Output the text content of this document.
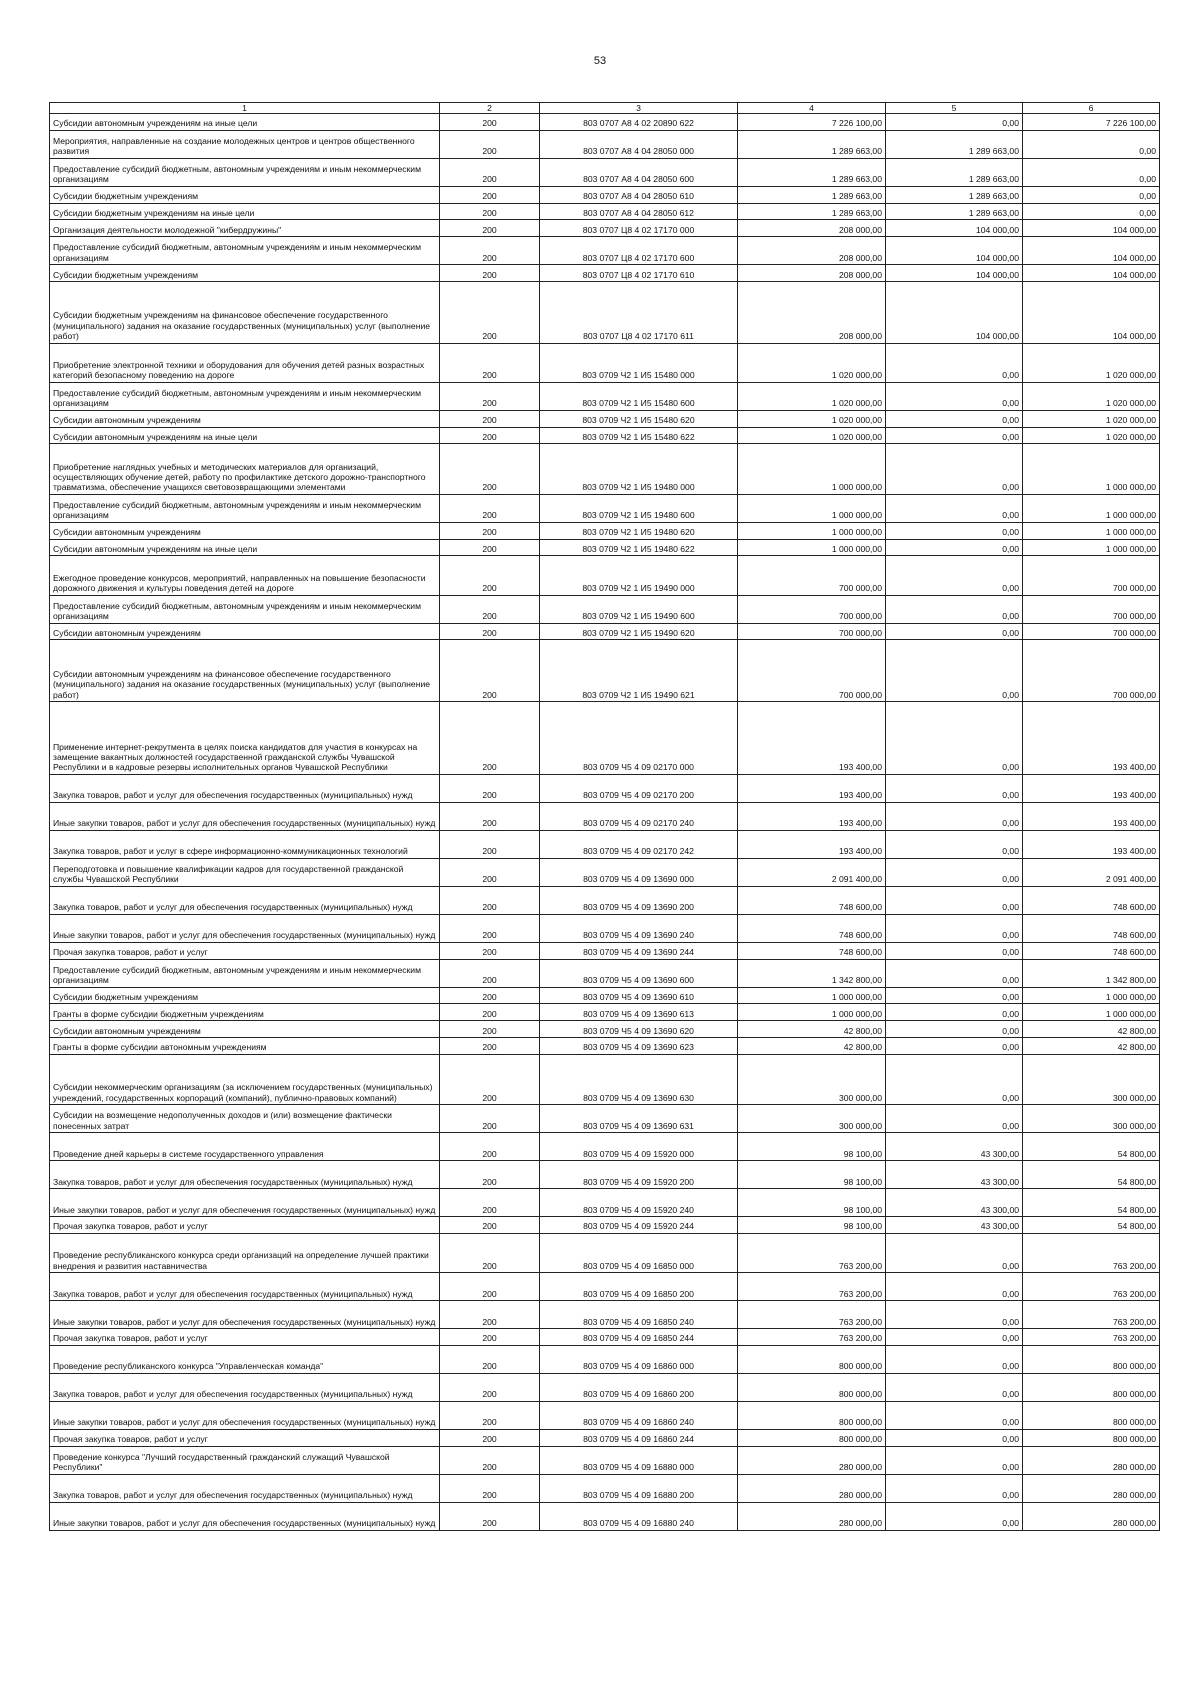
53
1	2	3	4	5	6
Субсидии автономным учреждениям на иные цели	200	803 0707 А8 4 02 20890 622	7 226 100,00	0,00	7 226 100,00
Мероприятия, направленные на создание молодежных центров и центров общественного развития	200	803 0707 А8 4 04 28050 000	1 289 663,00	1 289 663,00	0,00
Предоставление субсидий бюджетным, автономным учреждениям и иным некоммерческим организациям	200	803 0707 А8 4 04 28050 600	1 289 663,00	1 289 663,00	0,00
Субсидии бюджетным учреждениям	200	803 0707 А8 4 04 28050 610	1 289 663,00	1 289 663,00	0,00
Субсидии бюджетным учреждениям на иные цели	200	803 0707 А8 4 04 28050 612	1 289 663,00	1 289 663,00	0,00
Организация деятельности молодежной "кибердружины"	200	803 0707 Ц8 4 02 17170 000	208 000,00	104 000,00	104 000,00
Предоставление субсидий бюджетным, автономным учреждениям и иным некоммерческим организациям	200	803 0707 Ц8 4 02 17170 600	208 000,00	104 000,00	104 000,00
Субсидии бюджетным учреждениям	200	803 0707 Ц8 4 02 17170 610	208 000,00	104 000,00	104 000,00
Субсидии бюджетным учреждениям на финансовое обеспечение государственного (муниципального) задания на оказание государственных (муниципальных) услуг (выполнение работ)	200	803 0707 Ц8 4 02 17170 611	208 000,00	104 000,00	104 000,00
Приобретение электронной техники и оборудования для обучения детей разных возрастных категорий безопасному поведению на дороге	200	803 0709 Ч2 1 И5 15480 000	1 020 000,00	0,00	1 020 000,00
Предоставление субсидий бюджетным, автономным учреждениям и иным некоммерческим организациям	200	803 0709 Ч2 1 И5 15480 600	1 020 000,00	0,00	1 020 000,00
Субсидии автономным учреждениям	200	803 0709 Ч2 1 И5 15480 620	1 020 000,00	0,00	1 020 000,00
Субсидии автономным учреждениям на иные цели	200	803 0709 Ч2 1 И5 15480 622	1 020 000,00	0,00	1 020 000,00
Приобретение наглядных учебных и методических материалов для организаций, осуществляющих обучение детей, работу по профилактике детского дорожно-транспортного травматизма, обеспечение учащихся световозвращающими элементами	200	803 0709 Ч2 1 И5 19480 000	1 000 000,00	0,00	1 000 000,00
Предоставление субсидий бюджетным, автономным учреждениям и иным некоммерческим организациям	200	803 0709 Ч2 1 И5 19480 600	1 000 000,00	0,00	1 000 000,00
Субсидии автономным учреждениям	200	803 0709 Ч2 1 И5 19480 620	1 000 000,00	0,00	1 000 000,00
Субсидии автономным учреждениям на иные цели	200	803 0709 Ч2 1 И5 19480 622	1 000 000,00	0,00	1 000 000,00
Ежегодное проведение конкурсов, мероприятий, направленных на повышение безопасности дорожного движения и культуры поведения детей на дороге	200	803 0709 Ч2 1 И5 19490 000	700 000,00	0,00	700 000,00
Предоставление субсидий бюджетным, автономным учреждениям и иным некоммерческим организациям	200	803 0709 Ч2 1 И5 19490 600	700 000,00	0,00	700 000,00
Субсидии автономным учреждениям	200	803 0709 Ч2 1 И5 19490 620	700 000,00	0,00	700 000,00
Субсидии автономным учреждениям на финансовое обеспечение государственного (муниципального) задания на оказание государственных (муниципальных) услуг (выполнение работ)	200	803 0709 Ч2 1 И5 19490 621	700 000,00	0,00	700 000,00
Применение интернет-рекрутмента в целях поиска кандидатов для участия в конкурсах на замещение вакантных должностей государственной гражданской службы Чувашской Республики и в кадровые резервы исполнительных органов Чувашской Республики	200	803 0709 Ч5 4 09 02170 000	193 400,00	0,00	193 400,00
Закупка товаров, работ и услуг для обеспечения государственных (муниципальных) нужд	200	803 0709 Ч5 4 09 02170 200	193 400,00	0,00	193 400,00
Иные закупки товаров, работ и услуг для обеспечения государственных (муниципальных) нужд	200	803 0709 Ч5 4 09 02170 240	193 400,00	0,00	193 400,00
Закупка товаров, работ и услуг в сфере информационно-коммуникационных технологий	200	803 0709 Ч5 4 09 02170 242	193 400,00	0,00	193 400,00
Переподготовка и повышение квалификации кадров для государственной гражданской службы Чувашской Республики	200	803 0709 Ч5 4 09 13690 000	2 091 400,00	0,00	2 091 400,00
Закупка товаров, работ и услуг для обеспечения государственных (муниципальных) нужд	200	803 0709 Ч5 4 09 13690 200	748 600,00	0,00	748 600,00
Иные закупки товаров, работ и услуг для обеспечения государственных (муниципальных) нужд	200	803 0709 Ч5 4 09 13690 240	748 600,00	0,00	748 600,00
Прочая закупка товаров, работ и услуг	200	803 0709 Ч5 4 09 13690 244	748 600,00	0,00	748 600,00
Предоставление субсидий бюджетным, автономным учреждениям и иным некоммерческим организациям	200	803 0709 Ч5 4 09 13690 600	1 342 800,00	0,00	1 342 800,00
Субсидии бюджетным учреждениям	200	803 0709 Ч5 4 09 13690 610	1 000 000,00	0,00	1 000 000,00
Гранты в форме субсидии бюджетным учреждениям	200	803 0709 Ч5 4 09 13690 613	1 000 000,00	0,00	1 000 000,00
Субсидии автономным учреждениям	200	803 0709 Ч5 4 09 13690 620	42 800,00	0,00	42 800,00
Гранты в форме субсидии автономным учреждениям	200	803 0709 Ч5 4 09 13690 623	42 800,00	0,00	42 800,00
Субсидии некоммерческим организациям (за исключением государственных (муниципальных) учреждений, государственных корпораций (компаний), публично-правовых компаний)	200	803 0709 Ч5 4 09 13690 630	300 000,00	0,00	300 000,00
Субсидии на возмещение недополученных доходов и (или) возмещение фактически понесенных затрат	200	803 0709 Ч5 4 09 13690 631	300 000,00	0,00	300 000,00
Проведение дней карьеры в системе государственного управления	200	803 0709 Ч5 4 09 15920 000	98 100,00	43 300,00	54 800,00
Закупка товаров, работ и услуг для обеспечения государственных (муниципальных) нужд	200	803 0709 Ч5 4 09 15920 200	98 100,00	43 300,00	54 800,00
Иные закупки товаров, работ и услуг для обеспечения государственных (муниципальных) нужд	200	803 0709 Ч5 4 09 15920 240	98 100,00	43 300,00	54 800,00
Прочая закупка товаров, работ и услуг	200	803 0709 Ч5 4 09 15920 244	98 100,00	43 300,00	54 800,00
Проведение республиканского конкурса среди организаций на определение лучшей практики внедрения и развития наставничества	200	803 0709 Ч5 4 09 16850 000	763 200,00	0,00	763 200,00
Закупка товаров, работ и услуг для обеспечения государственных (муниципальных) нужд	200	803 0709 Ч5 4 09 16850 200	763 200,00	0,00	763 200,00
Иные закупки товаров, работ и услуг для обеспечения государственных (муниципальных) нужд	200	803 0709 Ч5 4 09 16850 240	763 200,00	0,00	763 200,00
Прочая закупка товаров, работ и услуг	200	803 0709 Ч5 4 09 16850 244	763 200,00	0,00	763 200,00
Проведение республиканского конкурса "Управленческая команда"	200	803 0709 Ч5 4 09 16860 000	800 000,00	0,00	800 000,00
Закупка товаров, работ и услуг для обеспечения государственных (муниципальных) нужд	200	803 0709 Ч5 4 09 16860 200	800 000,00	0,00	800 000,00
Иные закупки товаров, работ и услуг для обеспечения государственных (муниципальных) нужд	200	803 0709 Ч5 4 09 16860 240	800 000,00	0,00	800 000,00
Прочая закупка товаров, работ и услуг	200	803 0709 Ч5 4 09 16860 244	800 000,00	0,00	800 000,00
Проведение конкурса "Лучший государственный гражданский служащий Чувашской Республики"	200	803 0709 Ч5 4 09 16880 000	280 000,00	0,00	280 000,00
Закупка товаров, работ и услуг для обеспечения государственных (муниципальных) нужд	200	803 0709 Ч5 4 09 16880 200	280 000,00	0,00	280 000,00
Иные закупки товаров, работ и услуг для обеспечения государственных (муниципальных) нужд	200	803 0709 Ч5 4 09 16880 240	280 000,00	0,00	280 000,00
